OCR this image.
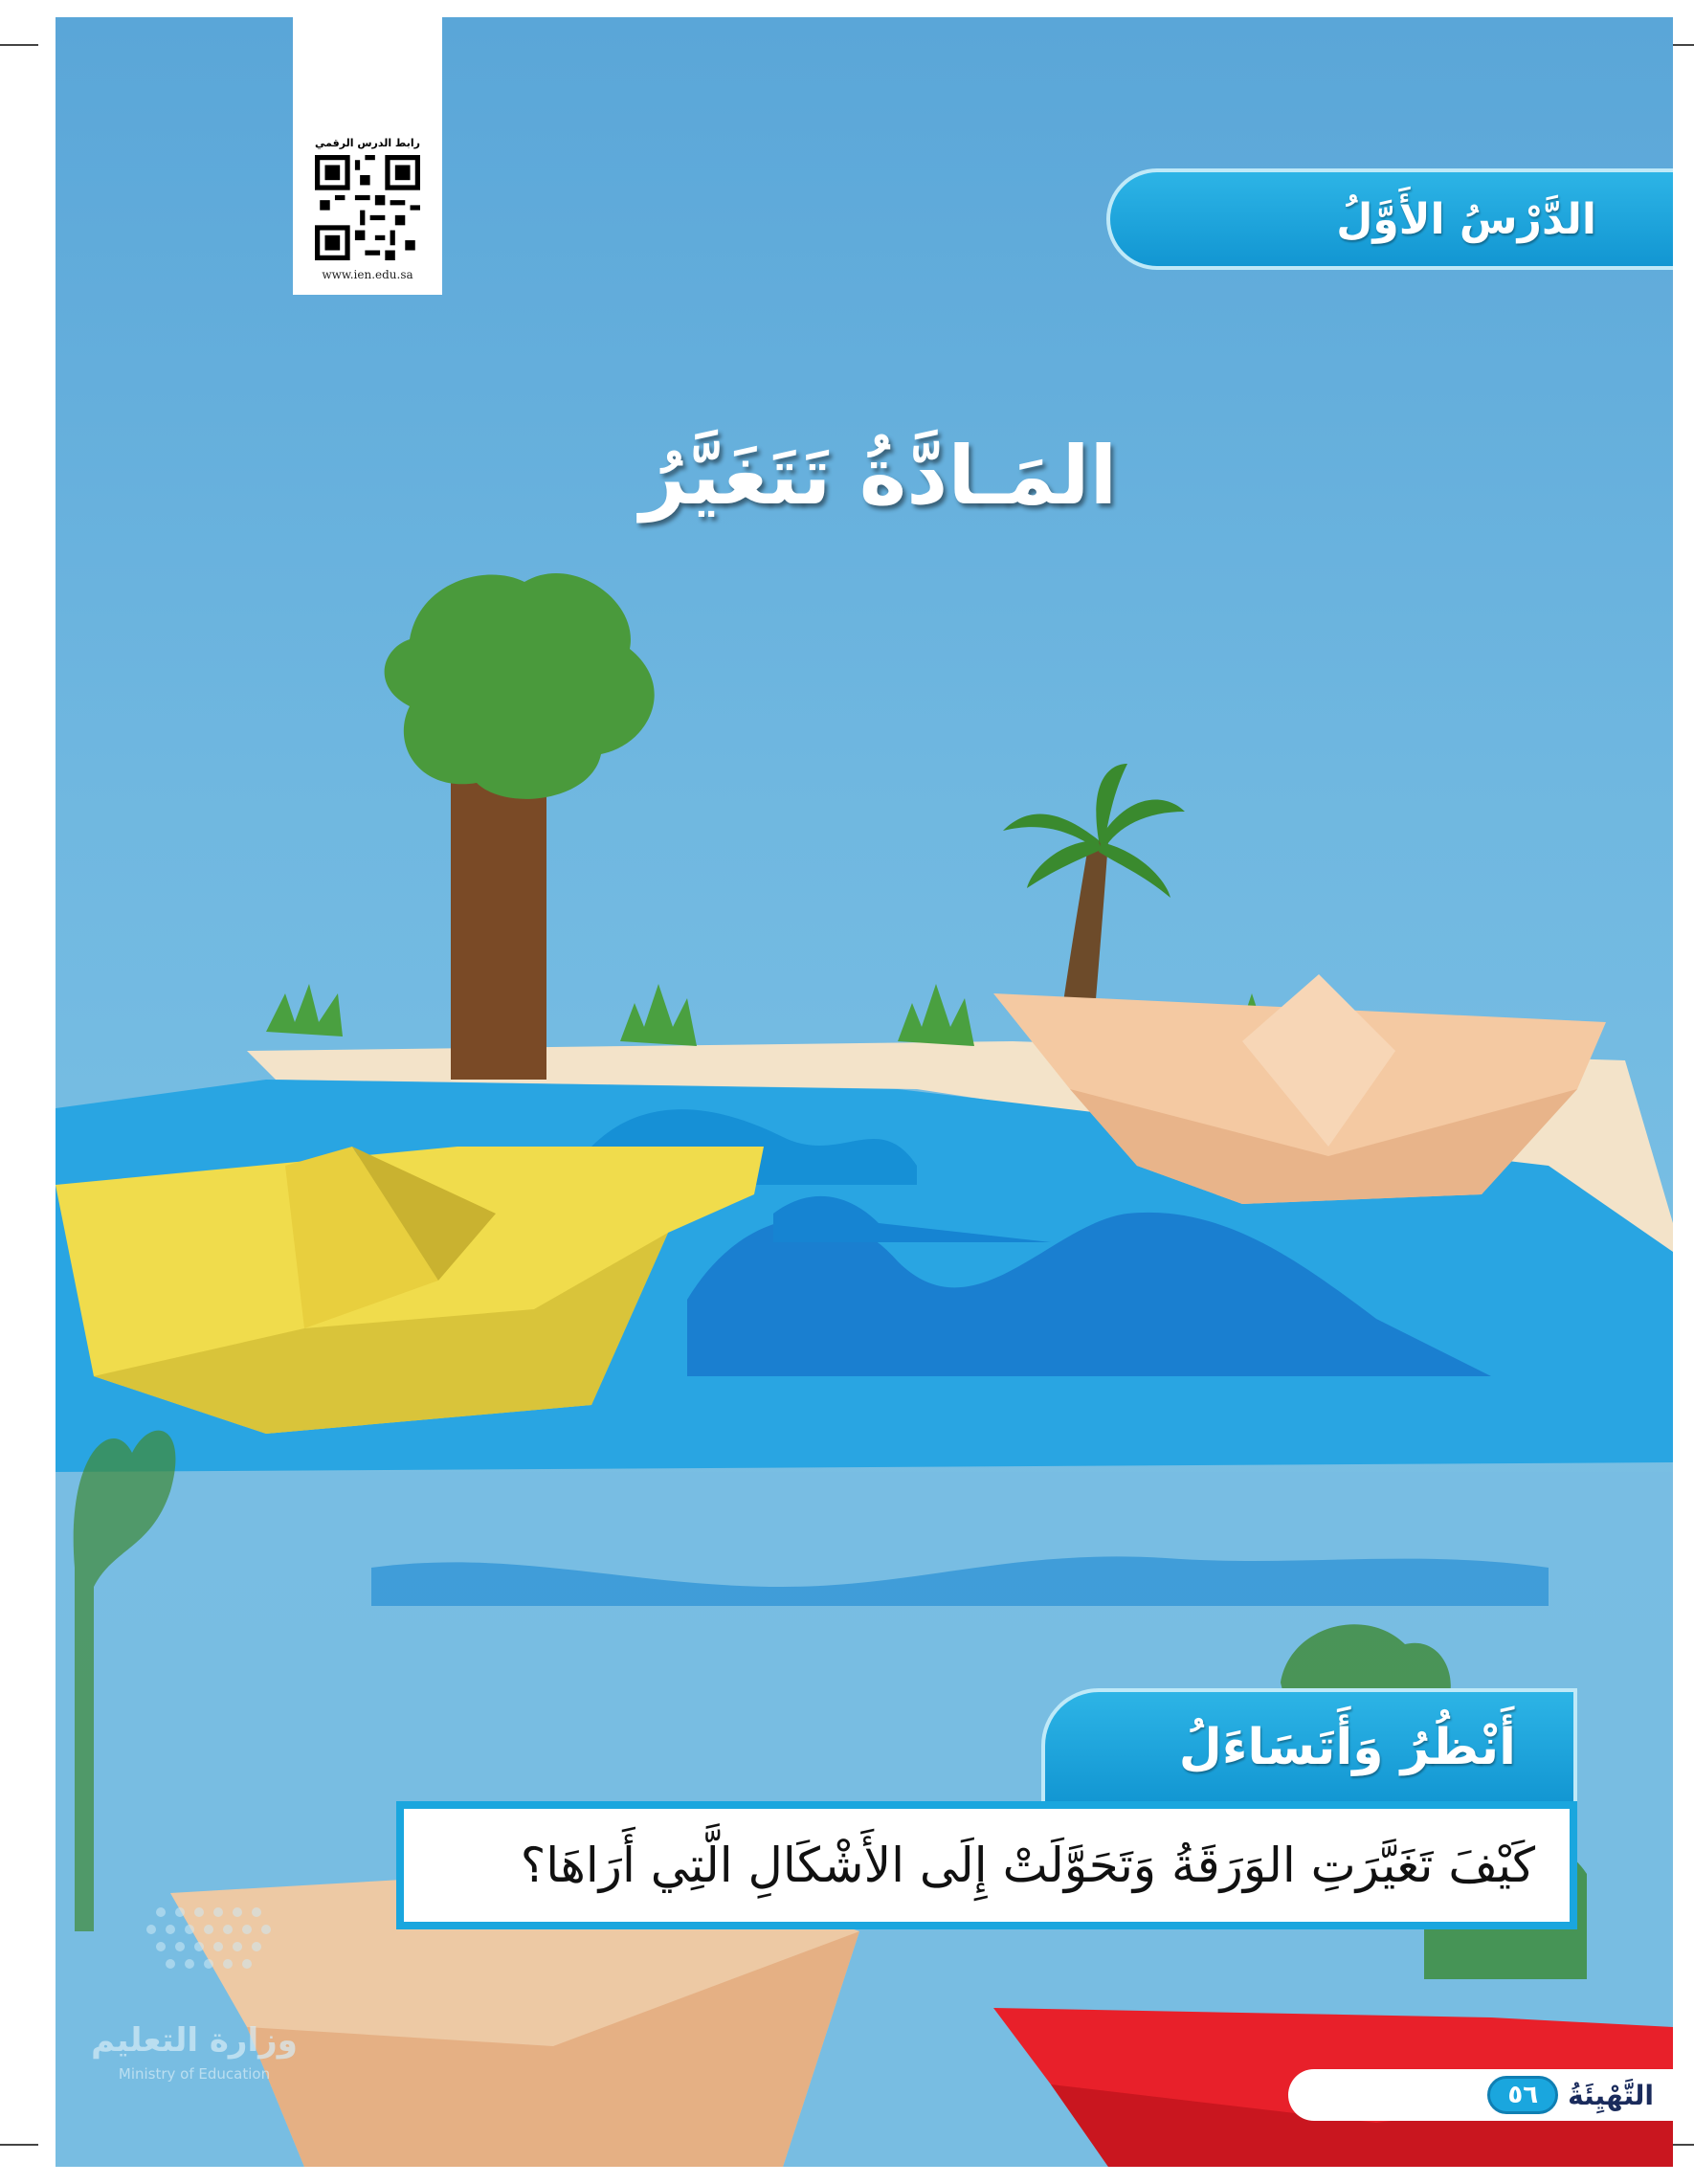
رابط الدرس الرقمي
www.ien.edu.sa
الدَّرْسُ الأَوَّلُ
المَـادَّةُ تَتَغَيَّرُ
أَنْظُرُ وَأَتَسَاءَلُ
كَيْفَ تَغَيَّرَتِ الوَرَقَةُ وَتَحَوَّلَتْ إِلَى الأَشْكَالِ الَّتِي أَرَاهَا؟
وزارة التعليم
Ministry of Education
٥٦	التَّهْيِئَةُ
